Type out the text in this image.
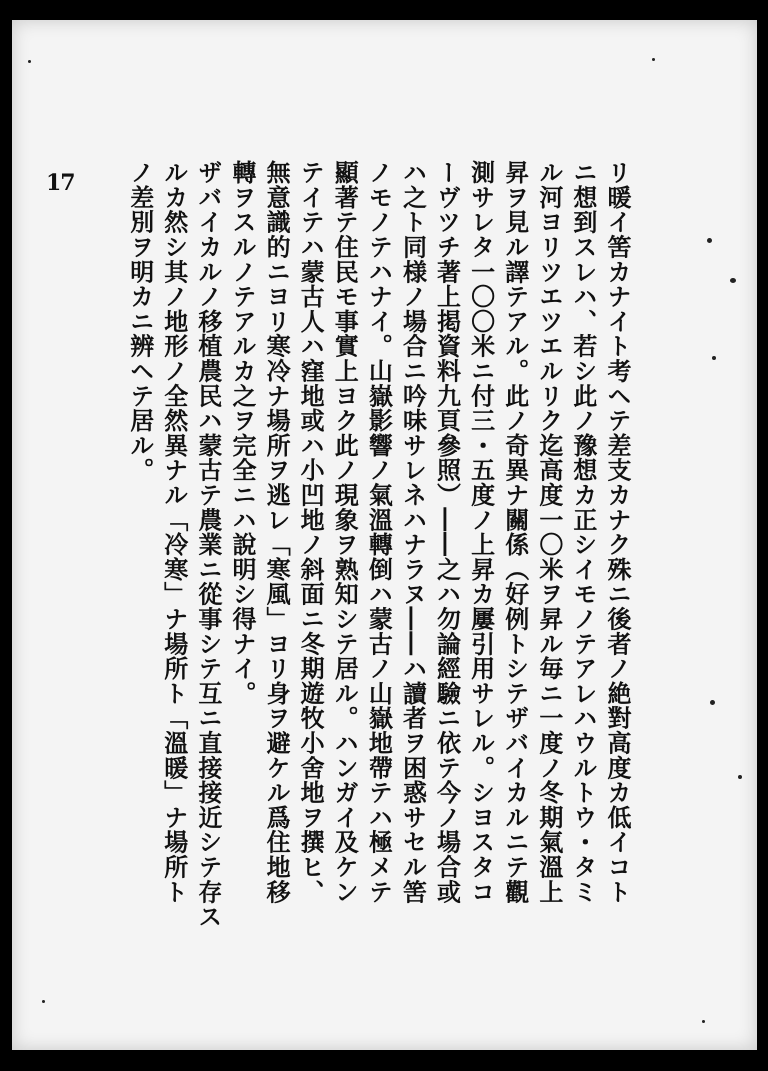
17	リ暖イ筈カナイト考ヘテ差支カナク殊ニ後者ノ絶對高度カ低イコト
ニ想到スレハ、若シ此ノ豫想カ正シイモノテアレハウルトウ・タミ
ル河ヨリツエツエルリク迄高度一〇米ヲ昇ル毎ニ一度ノ冬期氣溫上
昇ヲ見ル譯テアル。此ノ奇異ナ關係（好例トシテザバイカルニテ觀
測サレタ一〇〇米ニ付三・五度ノ上昇カ屢引用サレル。シヨスタコ
ーヴツチ著上掲資料九頁參照）――之ハ勿論經驗ニ依テ今ノ場合或
ハ之ト同様ノ場合ニ吟味サレネハナラヌ――ハ讀者ヲ困惑サセル筈
ノモノテハナイ。山嶽影響ノ氣溫轉倒ハ蒙古ノ山嶽地帶テハ極メテ
顯著テ住民モ事實上ヨク此ノ現象ヲ熟知シテ居ル。ハンガイ及ケン
テイテハ蒙古人ハ窪地或ハ小凹地ノ斜面ニ冬期遊牧小舍地ヲ撰ヒ、
無意識的ニヨリ寒冷ナ場所ヲ逃レ「寒風」ヨリ身ヲ避ケル爲住地移
轉ヲスルノテアルカ之ヲ完全ニハ說明シ得ナイ。
ザバイカルノ移植農民ハ蒙古テ農業ニ從事シテ互ニ直接接近シテ存ス
ルカ然シ其ノ地形ノ全然異ナル「冷寒」ナ場所ト「溫暖」ナ場所ト
ノ差別ヲ明カニ辨ヘテ居ル。
